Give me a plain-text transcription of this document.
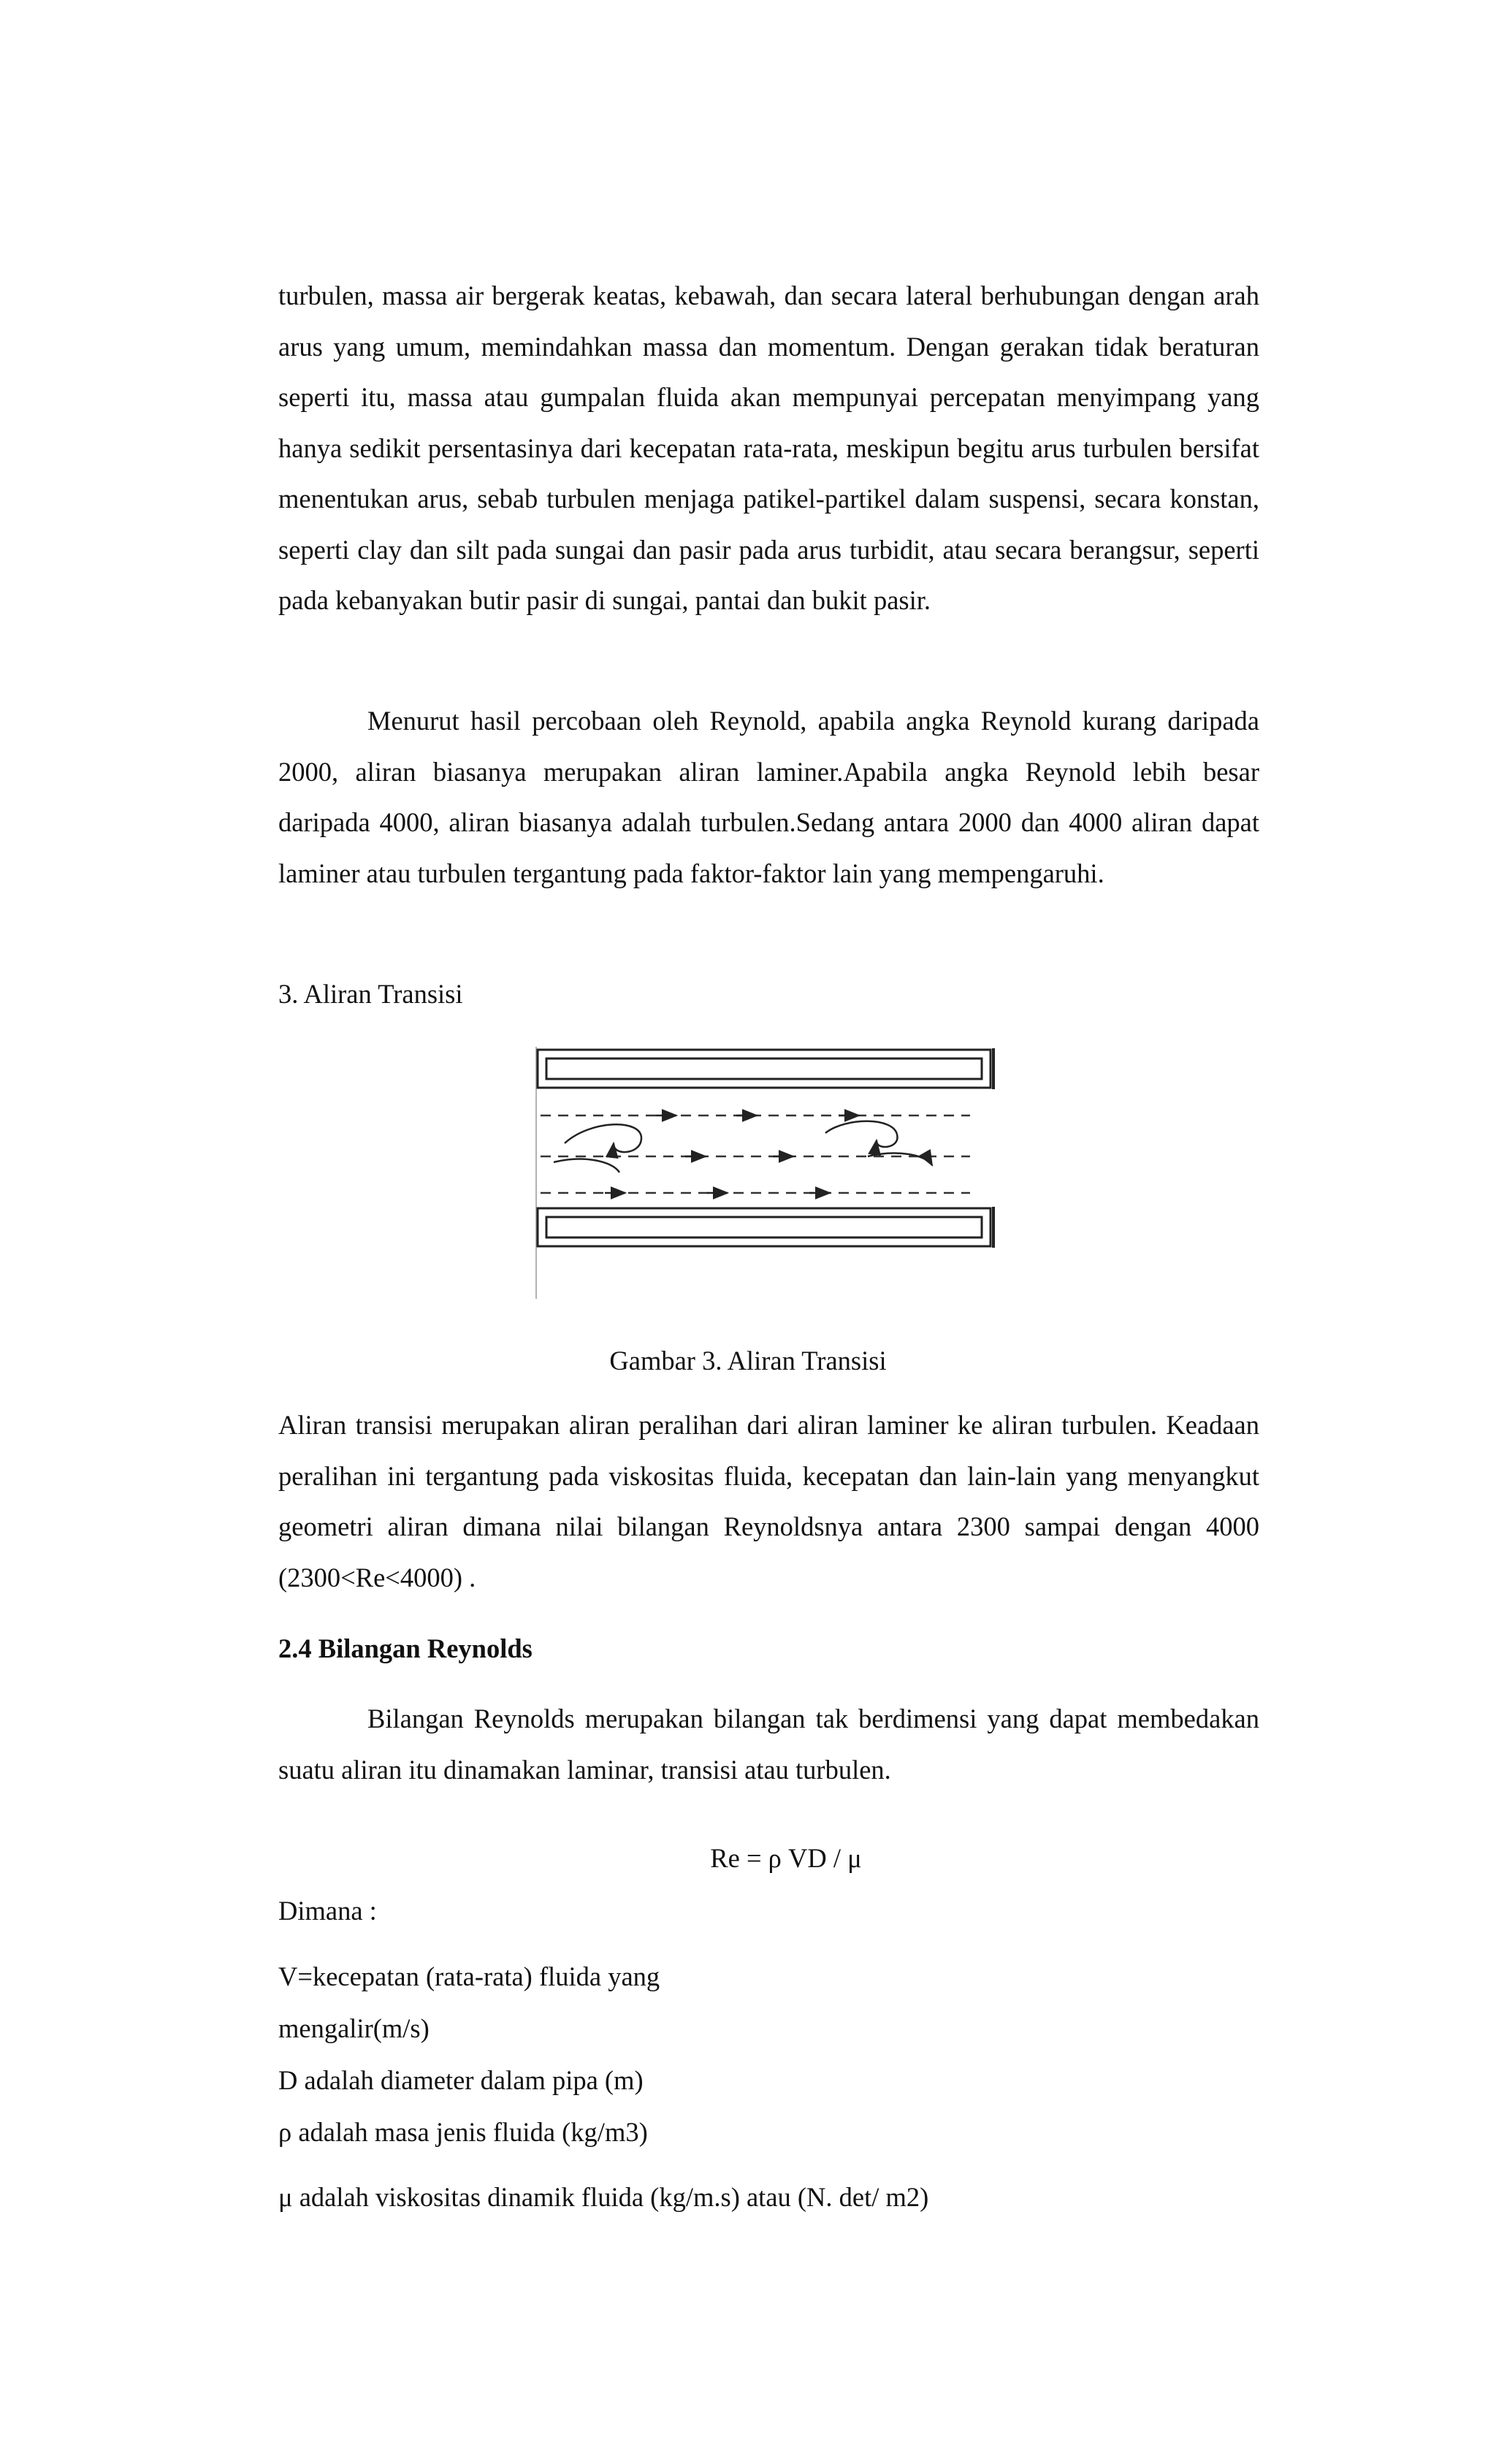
turbulen, massa air bergerak keatas, kebawah, dan secara lateral berhubungan dengan arah arus yang umum, memindahkan massa dan momentum. Dengan gerakan tidak beraturan seperti itu, massa atau gumpalan fluida akan mempunyai percepatan menyimpang yang hanya sedikit persentasinya dari kecepatan rata-rata, meskipun begitu arus turbulen bersifat menentukan arus, sebab turbulen menjaga patikel-partikel dalam suspensi, secara konstan, seperti clay dan silt pada sungai dan pasir pada arus turbidit, atau secara berangsur, seperti pada kebanyakan butir pasir di sungai, pantai dan bukit pasir.

Menurut hasil percobaan oleh Reynold, apabila angka Reynold kurang daripada 2000, aliran biasanya merupakan aliran laminer.Apabila angka Reynold lebih besar daripada 4000, aliran biasanya adalah turbulen.Sedang antara 2000 dan 4000 aliran dapat laminer atau turbulen tergantung pada faktor-faktor lain yang mempengaruhi.

3. Aliran Transisi

Gambar 3. Aliran Transisi

Aliran transisi merupakan aliran peralihan dari aliran laminer ke aliran turbulen. Keadaan peralihan ini tergantung pada viskositas fluida, kecepatan dan lain-lain yang menyangkut geometri aliran dimana nilai bilangan Reynoldsnya antara 2300 sampai dengan 4000 (2300<Re<4000) .

2.4 Bilangan Reynolds

Bilangan Reynolds merupakan bilangan tak berdimensi yang dapat membedakan suatu aliran itu dinamakan laminar, transisi atau turbulen.

Re = ρ VD / μ

Dimana :

V=kecepatan (rata-rata) fluida yang

mengalir(m/s)

D adalah diameter dalam pipa (m)

ρ adalah masa jenis fluida (kg/m3)

μ adalah viskositas dinamik fluida (kg/m.s) atau (N. det/ m2)
